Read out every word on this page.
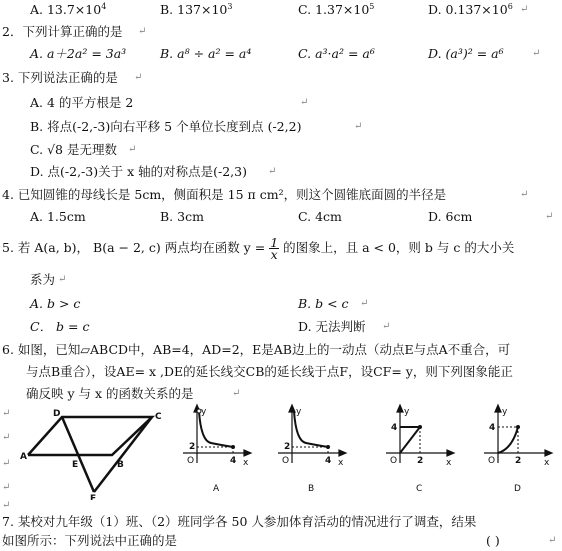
A. $13.7\times 10^4$	B. $137\times 10^3$	C. $1.37\times 10^5$	D. $0.137\times 10^6$ ↵
2．下列计算正确的是 ↵
A. a＋2a² = 3a³	B. a⁸ ÷ a² = a⁴	C. a³·a² = a⁶	D. (a³)² = a⁶	↵
3. 下列说法正确的是 ↵
A. 4 的平方根是 2	↵
B. 将点(-2,-3)向右平移 5 个单位长度到点 (-2,2)	↵
C. √8 是无理数 ↵
D. 点(-2,-3)关于 x 轴的对称点是(-2,3) ↵
4. 已知圆锥的母线长是 5cm，侧面积是 15 π cm²，则这个圆锥底面圆的半径是	↵
A. 1.5cm	B. 3cm	C. 4cm	D. 6cm	↵
5. 若 A(a, b)， B(a − 2, c) 两点均在函数 $y = \frac{1}{x}$ 的图象上，且 a < 0，则 b 与 c 的大小关
系为 ↵
A. b > c	B. b < c ↵
C． b = c	D. 无法判断 ↵
6. 如图，已知▱ABCD中，AB=4，AD=2，E是AB边上的一动点（动点E与点A不重合，可
与点B重合），设AE= x ,DE的延长线交CB的延长线于点F，设CF= y，则下列图象能正
确反映 y 与 x 的函数关系的是	↵
↵
↵
↵
↵
D	C
A
E	B
F
y
x
O
2
4
A
y
x
O
2
4
B
y
x
O
4
2
C
y
x
O
4
2
D
↵
7. 某校对九年级（1）班、（2）班同学各 50 人参加体育活动的情况进行了调查，结果
如图所示：下列说法中正确的是	( )	↵
